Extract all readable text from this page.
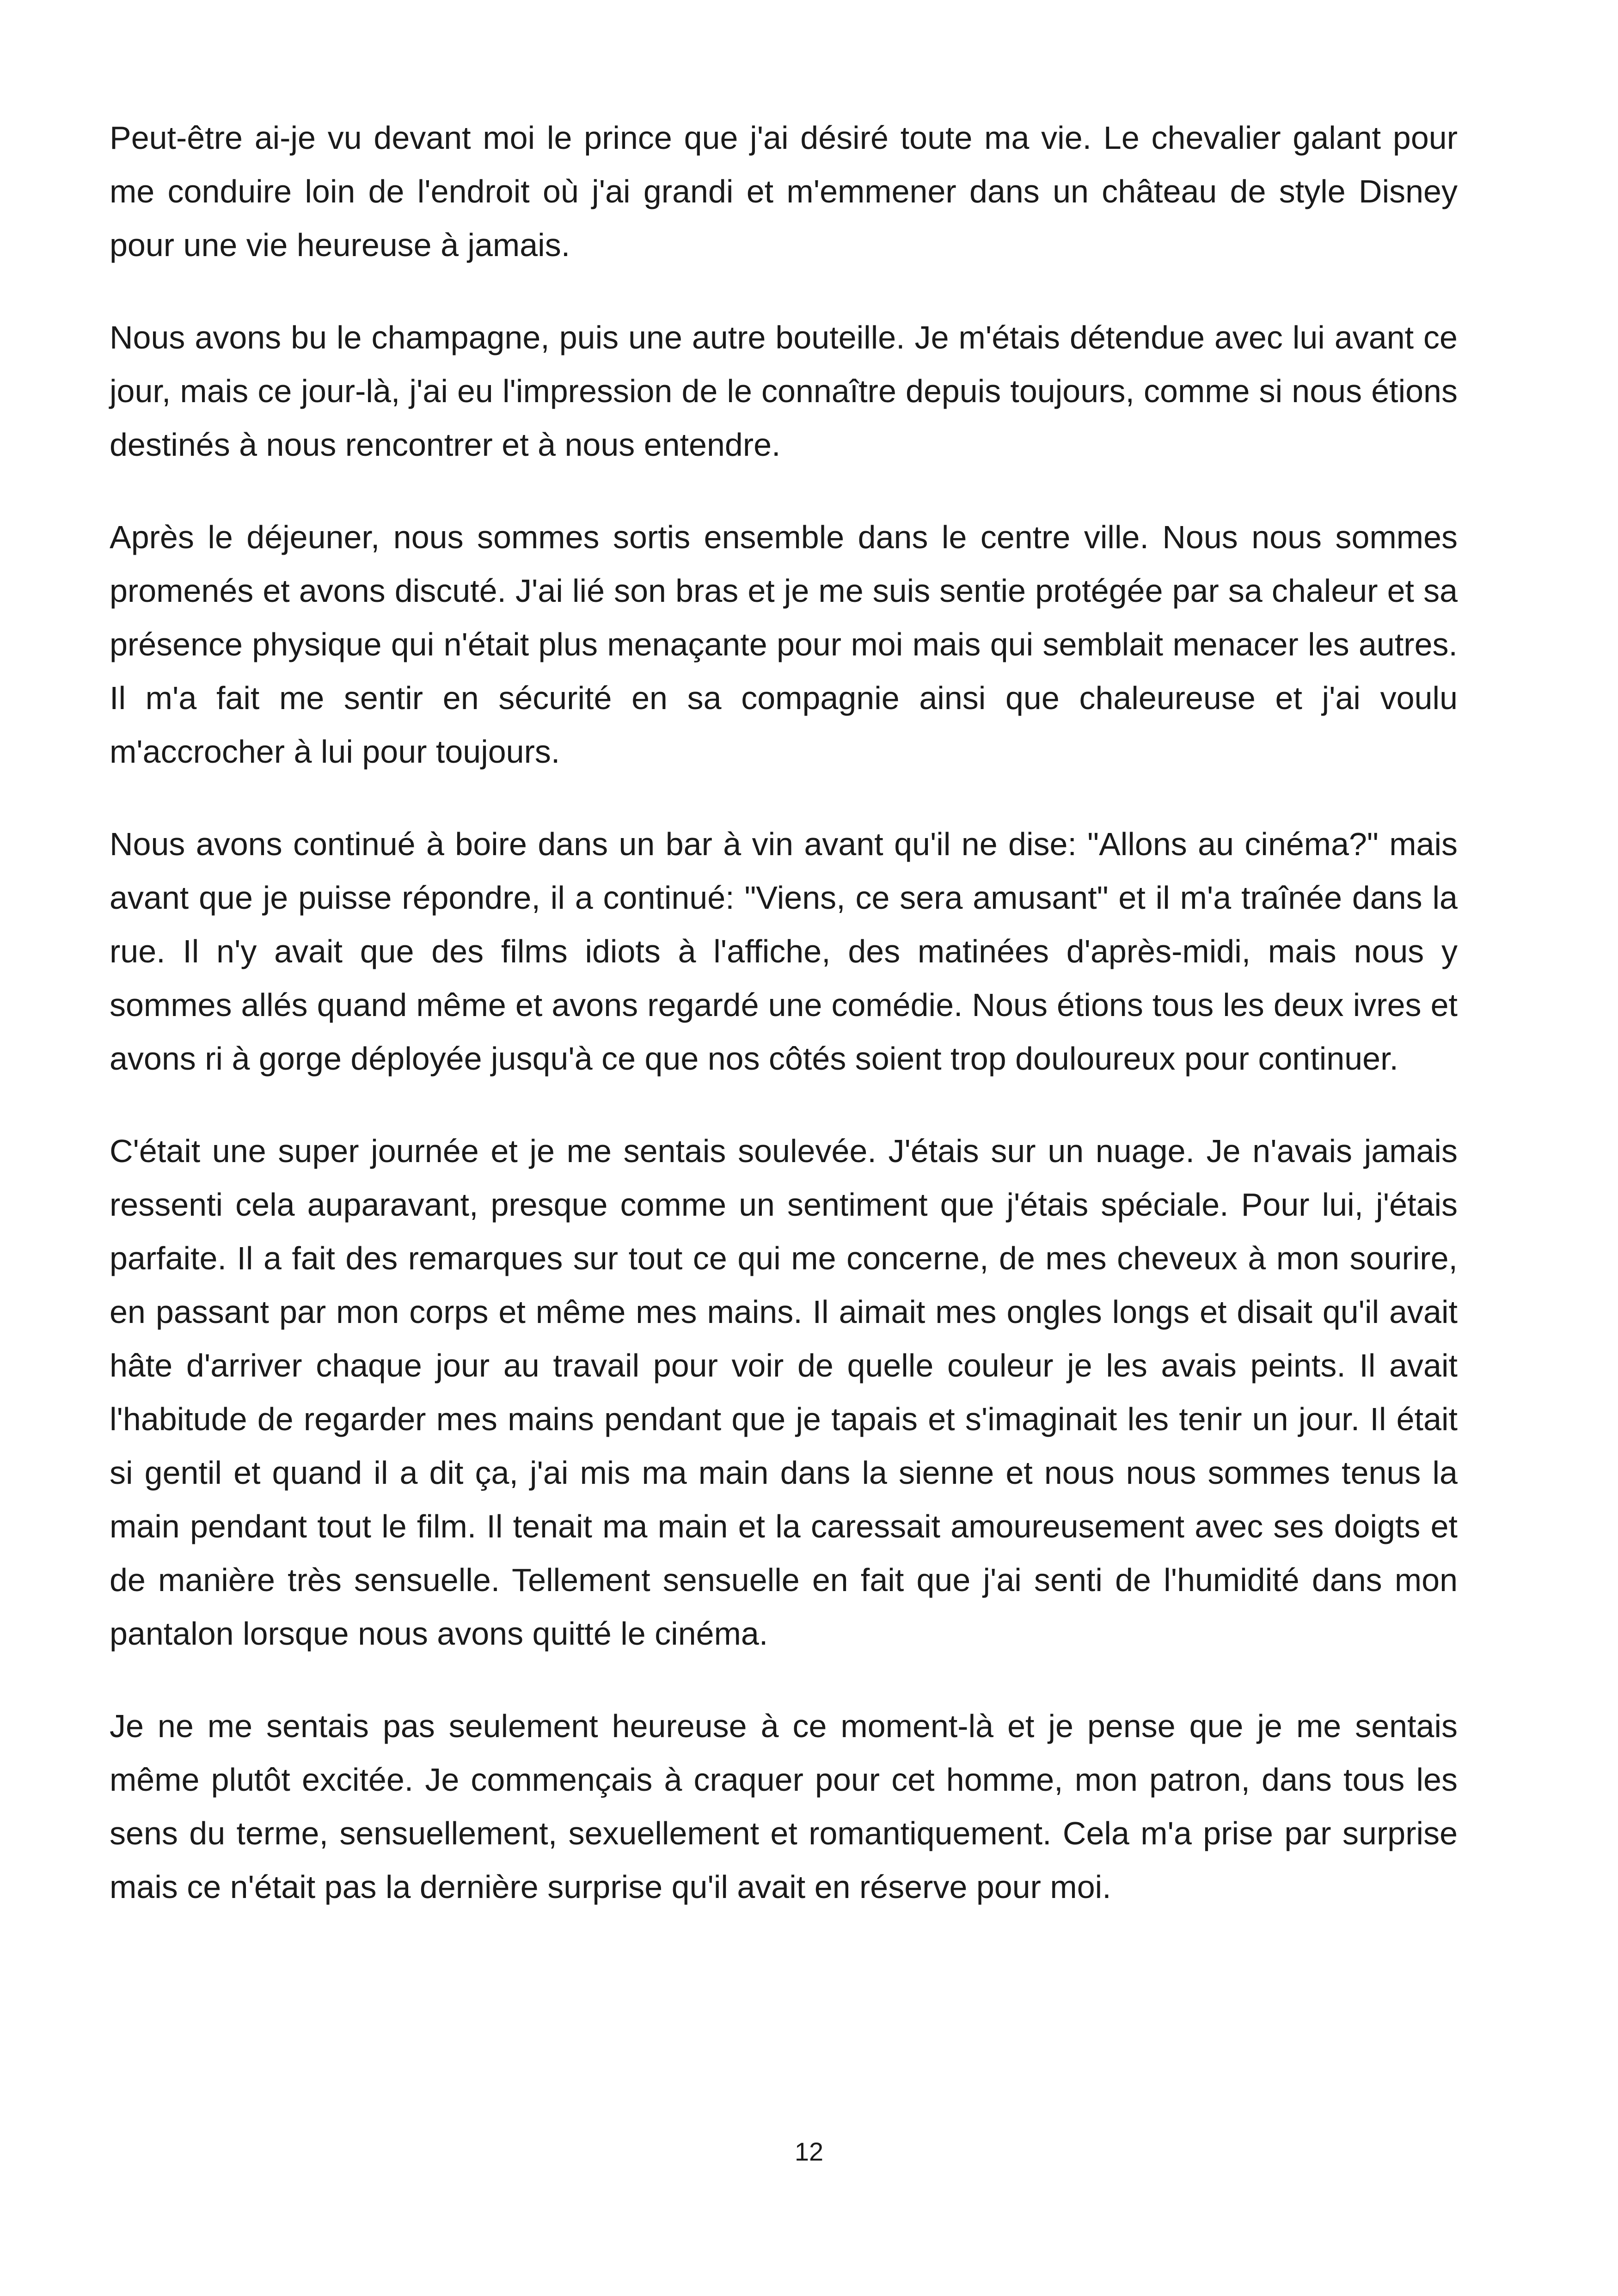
Peut-être ai-je vu devant moi le prince que j'ai désiré toute ma vie. Le chevalier galant pour me conduire loin de l'endroit où j'ai grandi et m'emmener dans un château de style Disney pour une vie heureuse à jamais.

Nous avons bu le champagne, puis une autre bouteille. Je m'étais détendue avec lui avant ce jour, mais ce jour-là, j'ai eu l'impression de le connaître depuis toujours, comme si nous étions destinés à nous rencontrer et à nous entendre.

Après le déjeuner, nous sommes sortis ensemble dans le centre ville. Nous nous sommes promenés et avons discuté. J'ai lié son bras et je me suis sentie protégée par sa chaleur et sa présence physique qui n'était plus menaçante pour moi mais qui semblait menacer les autres. Il m'a fait me sentir en sécurité en sa compagnie ainsi que chaleureuse et j'ai voulu m'accrocher à lui pour toujours.

Nous avons continué à boire dans un bar à vin avant qu'il ne dise: "Allons au cinéma?" mais avant que je puisse répondre, il a continué: "Viens, ce sera amusant" et il m'a traînée dans la rue. Il n'y avait que des films idiots à l'affiche, des matinées d'après-midi, mais nous y sommes allés quand même et avons regardé une comédie. Nous étions tous les deux ivres et avons ri à gorge déployée jusqu'à ce que nos côtés soient trop douloureux pour continuer.

C'était une super journée et je me sentais soulevée. J'étais sur un nuage. Je n'avais jamais ressenti cela auparavant, presque comme un sentiment que j'étais spéciale. Pour lui, j'étais parfaite. Il a fait des remarques sur tout ce qui me concerne, de mes cheveux à mon sourire, en passant par mon corps et même mes mains. Il aimait mes ongles longs et disait qu'il avait hâte d'arriver chaque jour au travail pour voir de quelle couleur je les avais peints. Il avait l'habitude de regarder mes mains pendant que je tapais et s'imaginait les tenir un jour. Il était si gentil et quand il a dit ça, j'ai mis ma main dans la sienne et nous nous sommes tenus la main pendant tout le film. Il tenait ma main et la caressait amoureusement avec ses doigts et de manière très sensuelle. Tellement sensuelle en fait que j'ai senti de l'humidité dans mon pantalon lorsque nous avons quitté le cinéma.

Je ne me sentais pas seulement heureuse à ce moment-là et je pense que je me sentais même plutôt excitée. Je commençais à craquer pour cet homme, mon patron, dans tous les sens du terme, sensuellement, sexuellement et romantiquement. Cela m'a prise par surprise mais ce n'était pas la dernière surprise qu'il avait en réserve pour moi.

12
